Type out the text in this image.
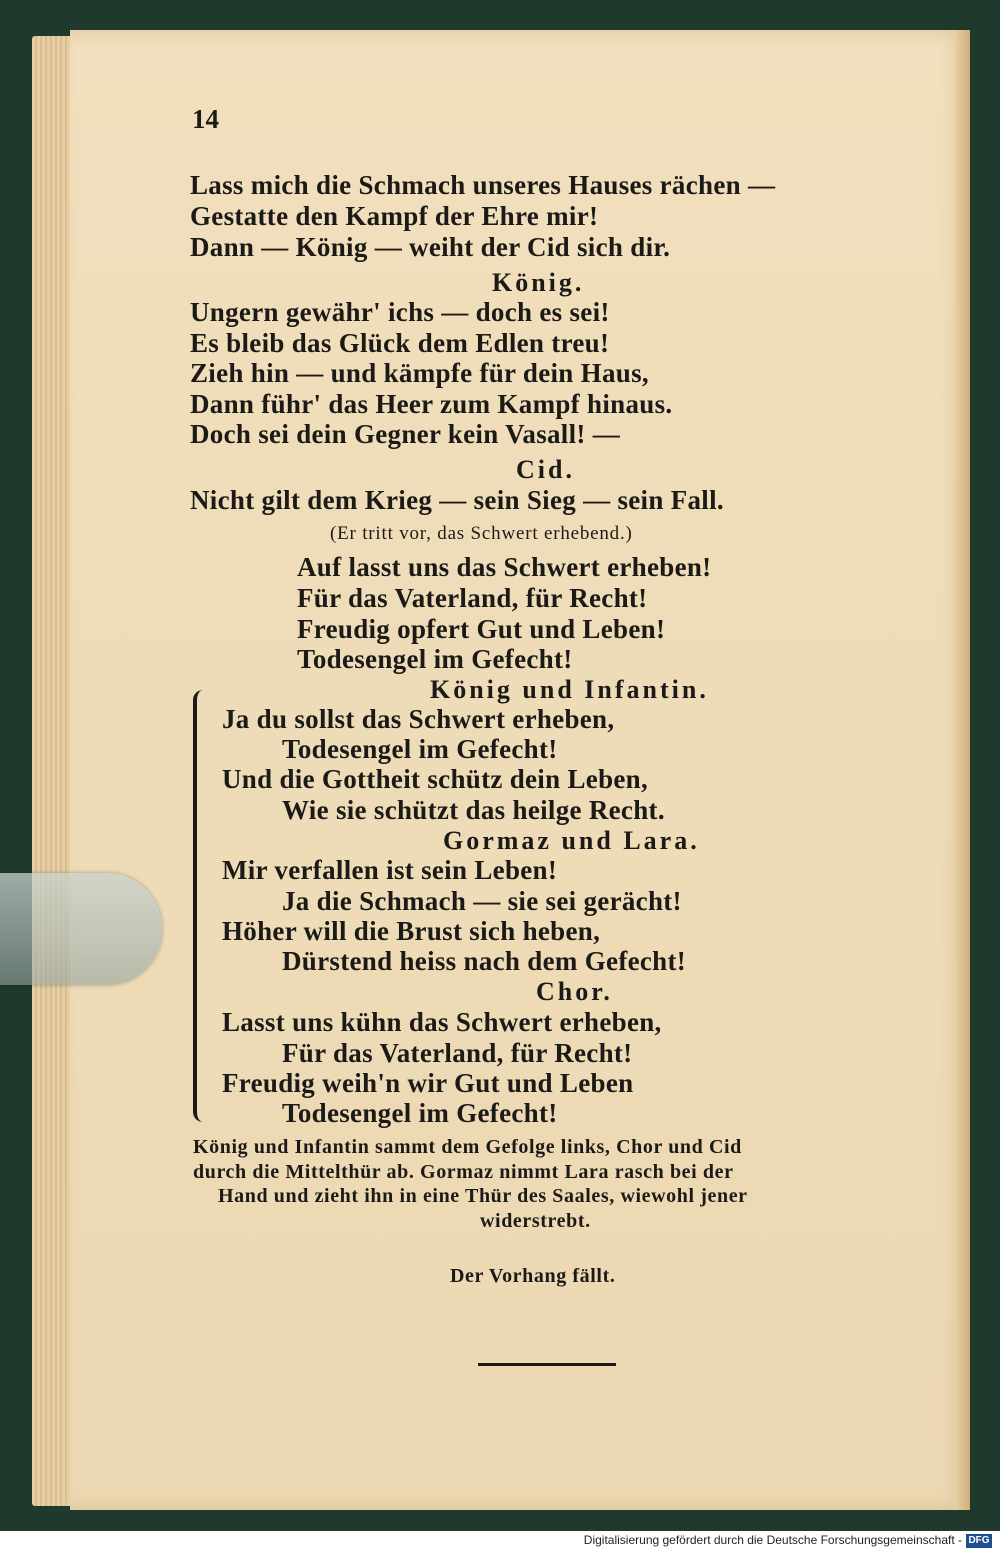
14
Lass mich die Schmach unseres Hauses rächen —
Gestatte den Kampf der Ehre mir!
Dann — König — weiht der Cid sich dir.
König.
Ungern gewähr' ichs — doch es sei!
Es bleib das Glück dem Edlen treu!
Zieh hin — und kämpfe für dein Haus,
Dann führ' das Heer zum Kampf hinaus.
Doch sei dein Gegner kein Vasall! —
Cid.
Nicht gilt dem Krieg — sein Sieg — sein Fall.
(Er tritt vor, das Schwert erhebend.)
Auf lasst uns das Schwert erheben!
Für das Vaterland, für Recht!
Freudig opfert Gut und Leben!
Todesengel im Gefecht!
König und Infantin.
Ja du sollst das Schwert erheben,
Todesengel im Gefecht!
Und die Gottheit schütz dein Leben,
Wie sie schützt das heilge Recht.
Gormaz und Lara.
Mir verfallen ist sein Leben!
Ja die Schmach — sie sei gerächt!
Höher will die Brust sich heben,
Dürstend heiss nach dem Gefecht!
Chor.
Lasst uns kühn das Schwert erheben,
Für das Vaterland, für Recht!
Freudig weih'n wir Gut und Leben
Todesengel im Gefecht!
König und Infantin sammt dem Gefolge links, Chor und Cid
durch die Mittelthür ab. Gormaz nimmt Lara rasch bei der
Hand und zieht ihn in eine Thür des Saales, wiewohl jener
widerstrebt.
Der Vorhang fällt.
Digitalisierung gefördert durch die Deutsche Forschungsgemeinschaft - DFG
